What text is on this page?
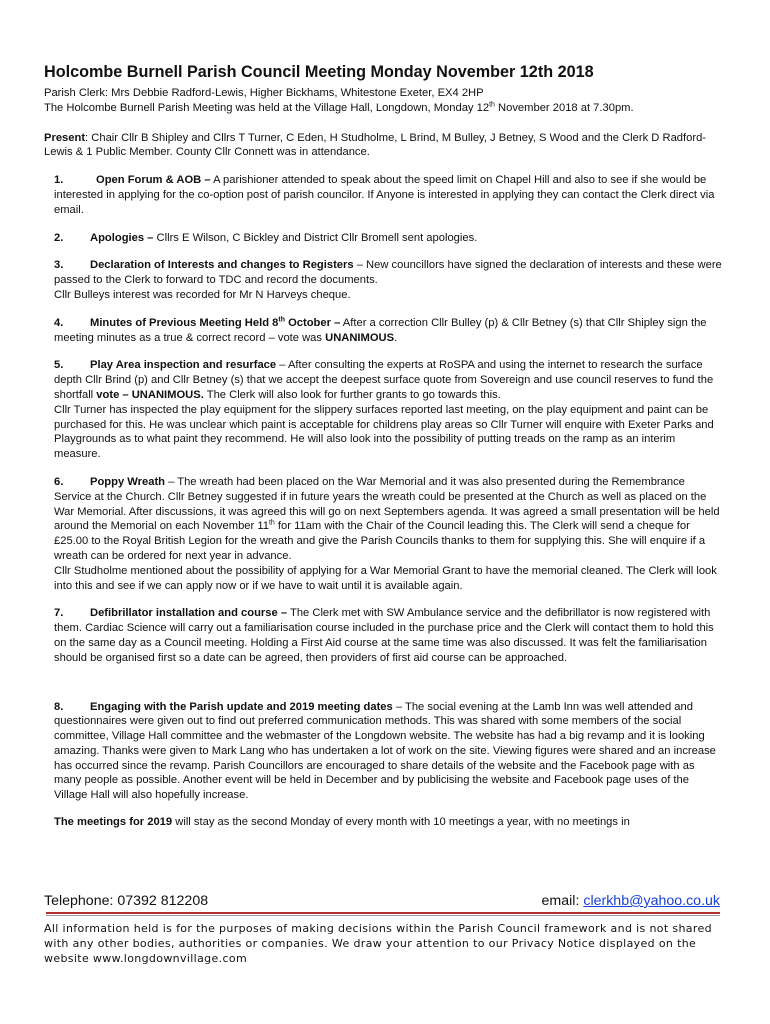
Holcombe Burnell Parish Council Meeting Monday November 12th 2018

Parish Clerk: Mrs Debbie Radford-Lewis, Higher Bickhams, Whitestone Exeter, EX4 2HP

The Holcombe Burnell Parish Meeting was held at the Village Hall, Longdown, Monday 12th November 2018 at 7.30pm.

Present: Chair Cllr B Shipley and Cllrs T Turner, C Eden, H Studholme, L Brind, M Bulley, J Betney, S Wood and the Clerk D Radford-Lewis & 1 Public Member. County Cllr Connett was in attendance.

1.	Open Forum & AOB – A parishioner attended to speak about the speed limit on Chapel Hill and also to see if she would be interested in applying for the co-option post of parish councilor. If Anyone is interested in applying they can contact the Clerk direct via email.

2. Apologies – Cllrs E Wilson, C Bickley and District Cllr Bromell sent apologies.

3. Declaration of Interests and changes to Registers – New councillors have signed the declaration of interests and these were passed to the Clerk to forward to TDC and record the documents.

Cllr Bulleys interest was recorded for Mr N Harveys cheque.

4. Minutes of Previous Meeting Held 8th October – After a correction Cllr Bulley (p) & Cllr Betney (s) that Cllr Shipley sign the meeting minutes as a true & correct record – vote was UNANIMOUS.

5. Play Area inspection and resurface – After consulting the experts at RoSPA and using the internet to research the surface depth Cllr Brind (p) and Cllr Betney (s) that we accept the deepest surface quote from Sovereign and use council reserves to fund the shortfall vote – UNANIMOUS. The Clerk will also look for further grants to go towards this.

Cllr Turner has inspected the play equipment for the slippery surfaces reported last meeting, on the play equipment and paint can be purchased for this. He was unclear which paint is acceptable for childrens play areas so Cllr Turner will enquire with Exeter Parks and Playgrounds as to what paint they recommend. He will also look into the possibility of putting treads on the ramp as an interim measure.

6. Poppy Wreath – The wreath had been placed on the War Memorial and it was also presented during the Remembrance Service at the Church. Cllr Betney suggested if in future years the wreath could be presented at the Church as well as placed on the War Memorial. After discussions, it was agreed this will go on next Septembers agenda. It was agreed a small presentation will be held around the Memorial on each November 11th for 11am with the Chair of the Council leading this. The Clerk will send a cheque for £25.00 to the Royal British Legion for the wreath and give the Parish Councils thanks to them for supplying this. She will enquire if a wreath can be ordered for next year in advance.

Cllr Studholme mentioned about the possibility of applying for a War Memorial Grant to have the memorial cleaned. The Clerk will look into this and see if we can apply now or if we have to wait until it is available again.

7. Defibrillator installation and course – The Clerk met with SW Ambulance service and the defibrillator is now registered with them. Cardiac Science will carry out a familiarisation course included in the purchase price and the Clerk will contact them to hold this on the same day as a Council meeting. Holding a First Aid course at the same time was also discussed. It was felt the familiarisation should be organised first so a date can be agreed, then providers of first aid course can be approached.

8. Engaging with the Parish update and 2019 meeting dates – The social evening at the Lamb Inn was well attended and questionnaires were given out to find out preferred communication methods. This was shared with some members of the social committee, Village Hall committee and the webmaster of the Longdown website. The website has had a big revamp and it is looking amazing. Thanks were given to Mark Lang who has undertaken a lot of work on the site. Viewing figures were shared and an increase has occurred since the revamp. Parish Councillors are encouraged to share details of the website and the Facebook page with as many people as possible. Another event will be held in December and by publicising the website and Facebook page uses of the Village Hall will also hopefully increase.

The meetings for 2019 will stay as the second Monday of every month with 10 meetings a year, with no meetings in

Telephone: 07392 812208	email: clerkhb@yahoo.co.uk

All information held is for the purposes of making decisions within the Parish Council framework and is not shared with any other bodies, authorities or companies. We draw your attention to our Privacy Notice displayed on the website www.longdownvillage.com
